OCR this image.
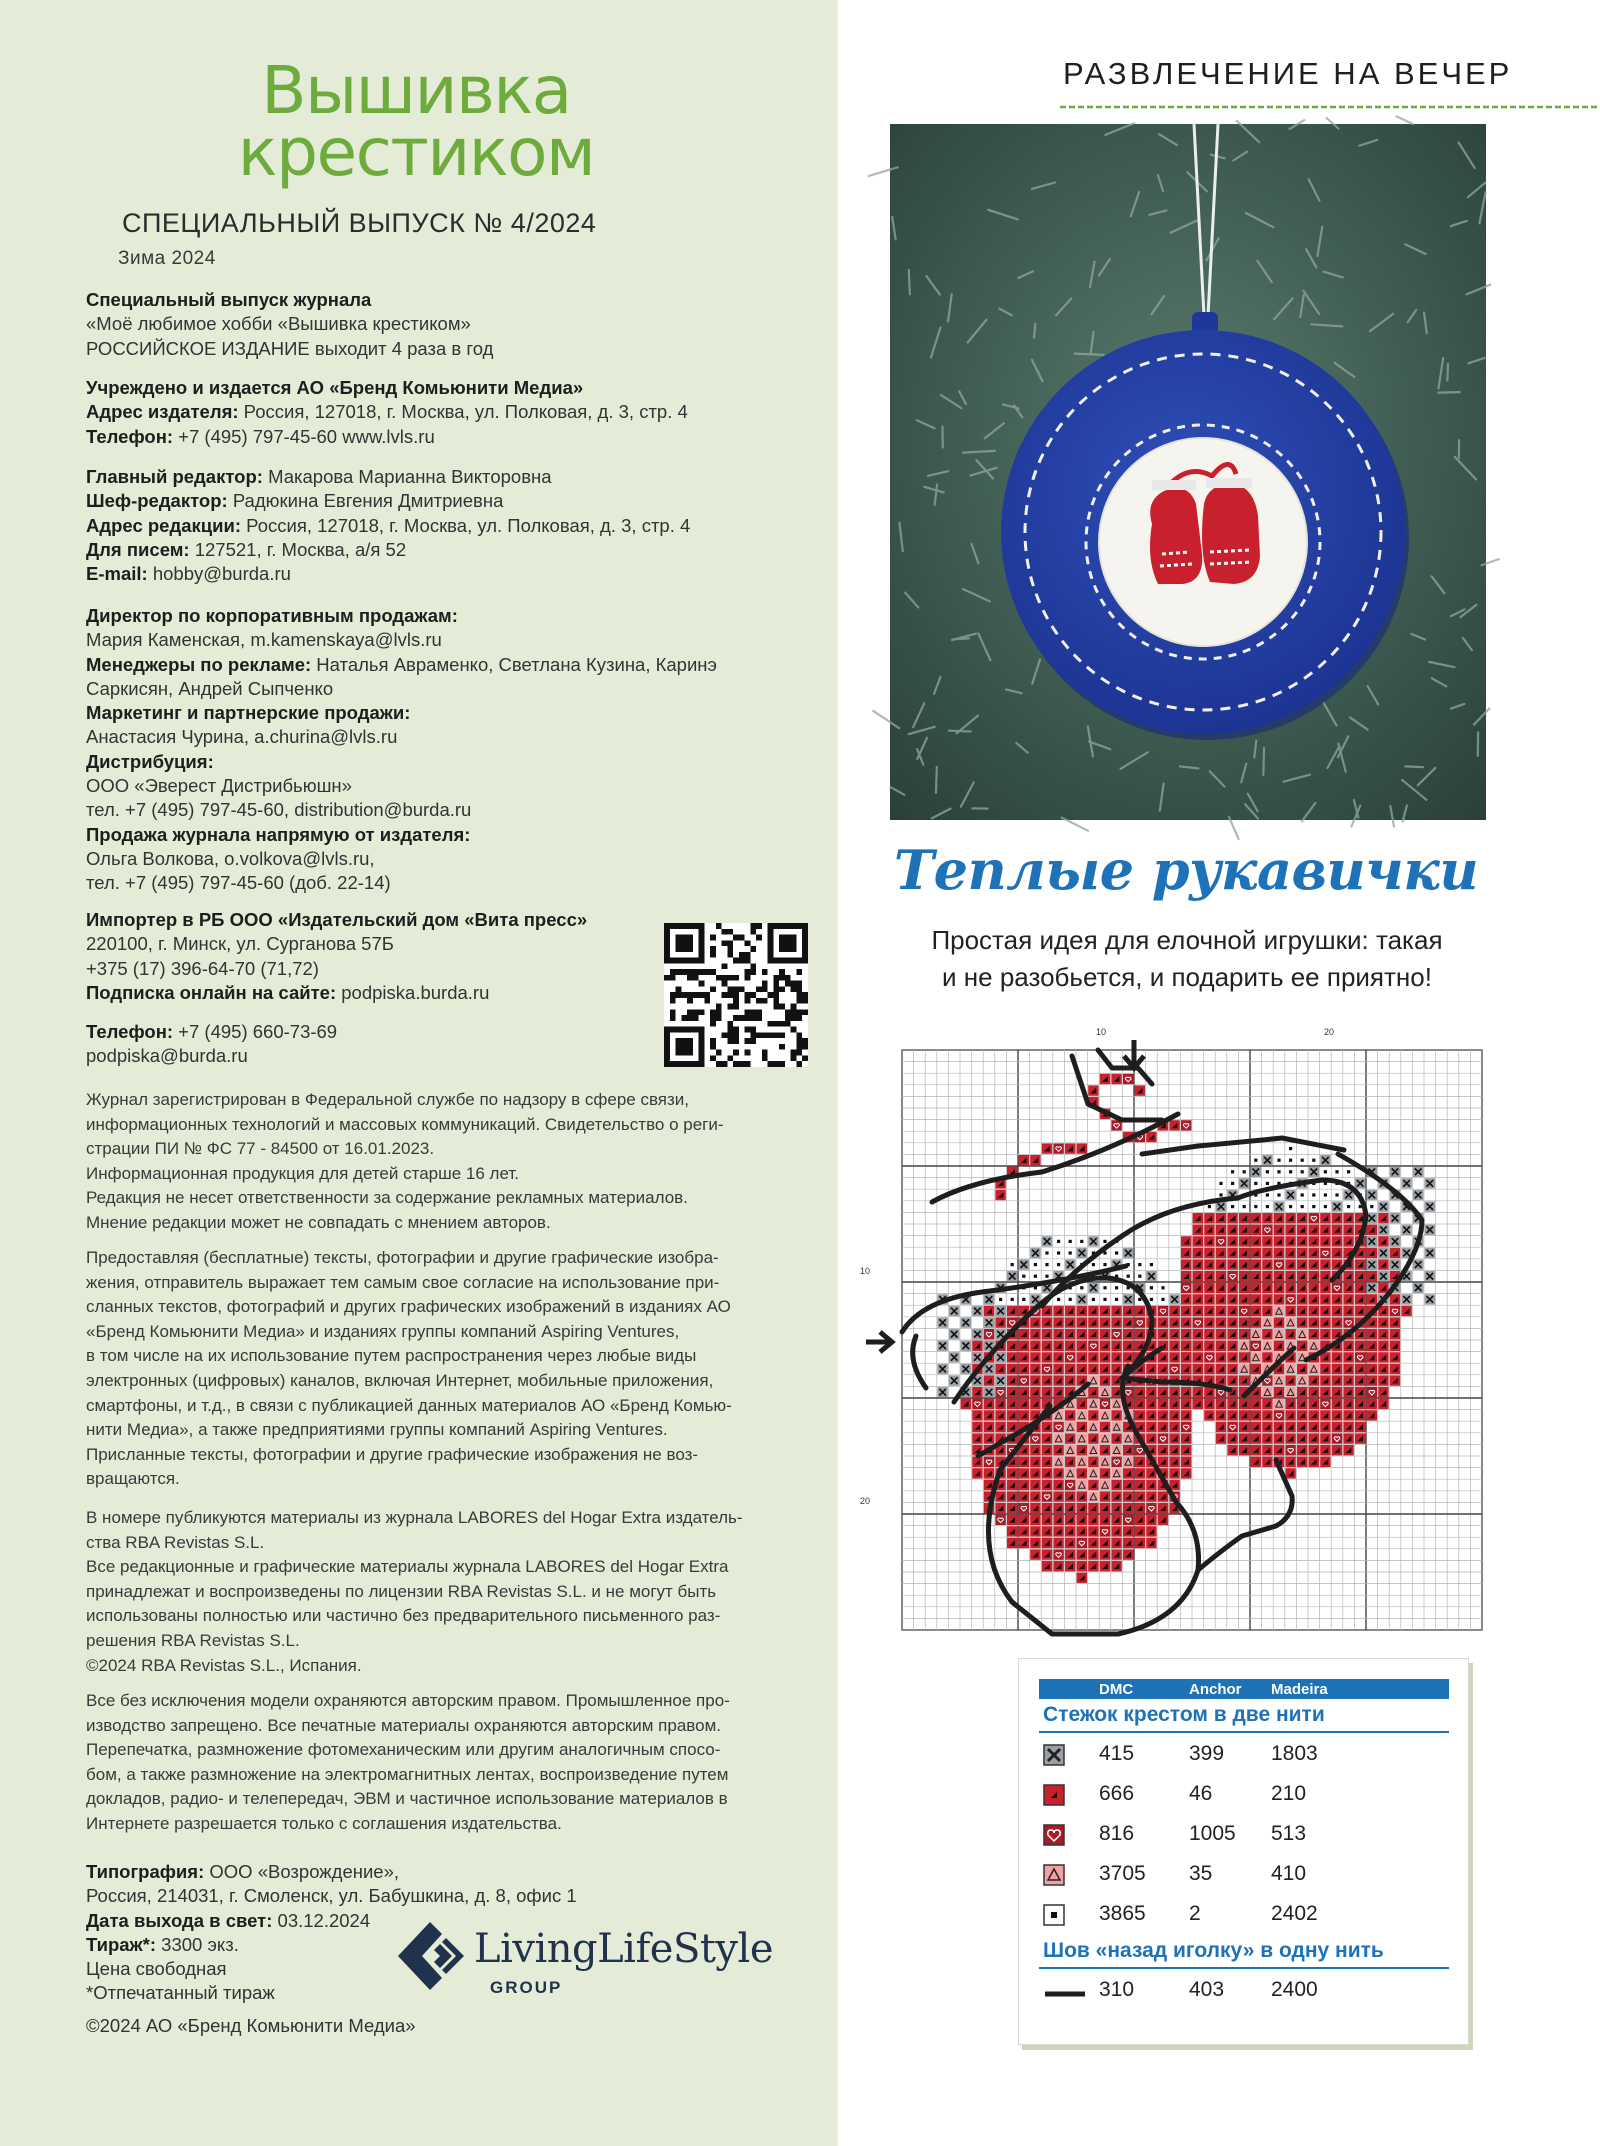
Вышивка
крестиком
СПЕЦИАЛЬНЫЙ ВЫПУСК № 4/2024
Зима 2024
Специальный выпуск журнала
«Моё любимое хобби «Вышивка крестиком»
РОССИЙСКОЕ ИЗДАНИЕ выходит 4 раза в год
Учреждено и издается АО «Бренд Комьюнити Медиа»
Адрес издателя: Россия, 127018, г. Москва, ул. Полковая, д. 3, стр. 4
Телефон: +7 (495) 797-45-60 www.lvls.ru
Главный редактор: Макарова Марианна Викторовна
Шеф-редактор: Радюкина Евгения Дмитриевна
Адрес редакции: Россия, 127018, г. Москва, ул. Полковая, д. 3, стр. 4
Для писем: 127521, г. Москва, а/я 52
E-mail: hobby@burda.ru
Директор по корпоративным продажам:
Мария Каменская, m.kamenskaya@lvls.ru
Менеджеры по рекламе: Наталья Авраменко, Светлана Кузина, Каринэ
Саркисян, Андрей Сыпченко
Маркетинг и партнерские продажи:
Анастасия Чурина, a.churina@lvls.ru
Дистрибуция:
ООО «Эверест Дистрибьюшн»
тел. +7 (495) 797-45-60, distribution@burda.ru
Продажа журнала напрямую от издателя:
Ольга Волкова, o.volkova@lvls.ru,
тел. +7 (495) 797-45-60 (доб. 22-14)
Импортер в РБ ООО «Издательский дом «Вита пресс»
220100, г. Минск, ул. Сурганова 57Б
+375 (17) 396-64-70 (71,72)
Подписка онлайн на сайте: podpiska.burda.ru
Телефон: +7 (495) 660-73-69
podpiska@burda.ru
Журнал зарегистрирован в Федеральной службе по надзору в сфере связи,
информационных технологий и массовых коммуникаций. Свидетельство о реги-
страции ПИ № ФС 77 - 84500 от 16.01.2023.
Информационная продукция для детей старше 16 лет.
Редакция не несет ответственности за содержание рекламных материалов.
Мнение редакции может не совпадать с мнением авторов.
Предоставляя (бесплатные) тексты, фотографии и другие графические изобра-
жения, отправитель выражает тем самым свое согласие на использование при-
сланных текстов, фотографий и других графических изображений в изданиях АО
«Бренд Комьюнити Медиа» и изданиях группы компаний Aspiring Ventures,
в том числе на их использование путем распространения через любые виды
электронных (цифровых) каналов, включая Интернет, мобильные приложения,
смартфоны, и т.д., в связи с публикацией данных материалов АО «Бренд Комью-
нити Медиа», а также предприятиями группы компаний Aspiring Ventures.
Присланные тексты, фотографии и другие графические изображения не воз-
вращаются.
В номере публикуются материалы из журнала LABORES del Hogar Extra издатель-
ства RBA Revistas S.L.
Все редакционные и графические материалы журнала LABORES del Hogar Extra
принадлежат и воспроизведены по лицензии RBA Revistas S.L. и не могут быть
использованы полностью или частично без предварительного письменного раз-
решения RBA Revistas S.L.
©2024 RBA Revistas S.L., Испания.
Все без исключения модели охраняются авторским правом. Промышленное про-
изводство запрещено. Все печатные материалы охраняются авторским правом.
Перепечатка, размножение фотомеханическим или другим аналогичным спосо-
бом, а также размножение на электромагнитных лентах, воспроизведение путем
докладов, радио- и телепередач, ЭВМ и частичное использование материалов в
Интернете разрешается только с соглашения издательства.
Типография: ООО «Возрождение»,
Россия, 214031, г. Смоленск, ул. Бабушкина, д. 8, офис 1
Дата выхода в свет: 03.12.2024
Тираж*: 3300 экз.
Цена свободная
*Отпечатанный тираж
©2024 АО «Бренд Комьюнити Медиа»
LivingLifeStyle
GROUP
РАЗВЛЕЧЕНИЕ НА ВЕЧЕР
Теплые рукавички
Простая идея для елочной игрушки: такая
и не разобьется, и подарить ее приятно!
10	20
10
20
DMC	Anchor Madeira
Стежок крестом в две нити
415	399 1803
666	46	210
816	1005 513
3705 35	410
3865 2	2402
Шов «назад иголку» в одну нить
310	403 2400
